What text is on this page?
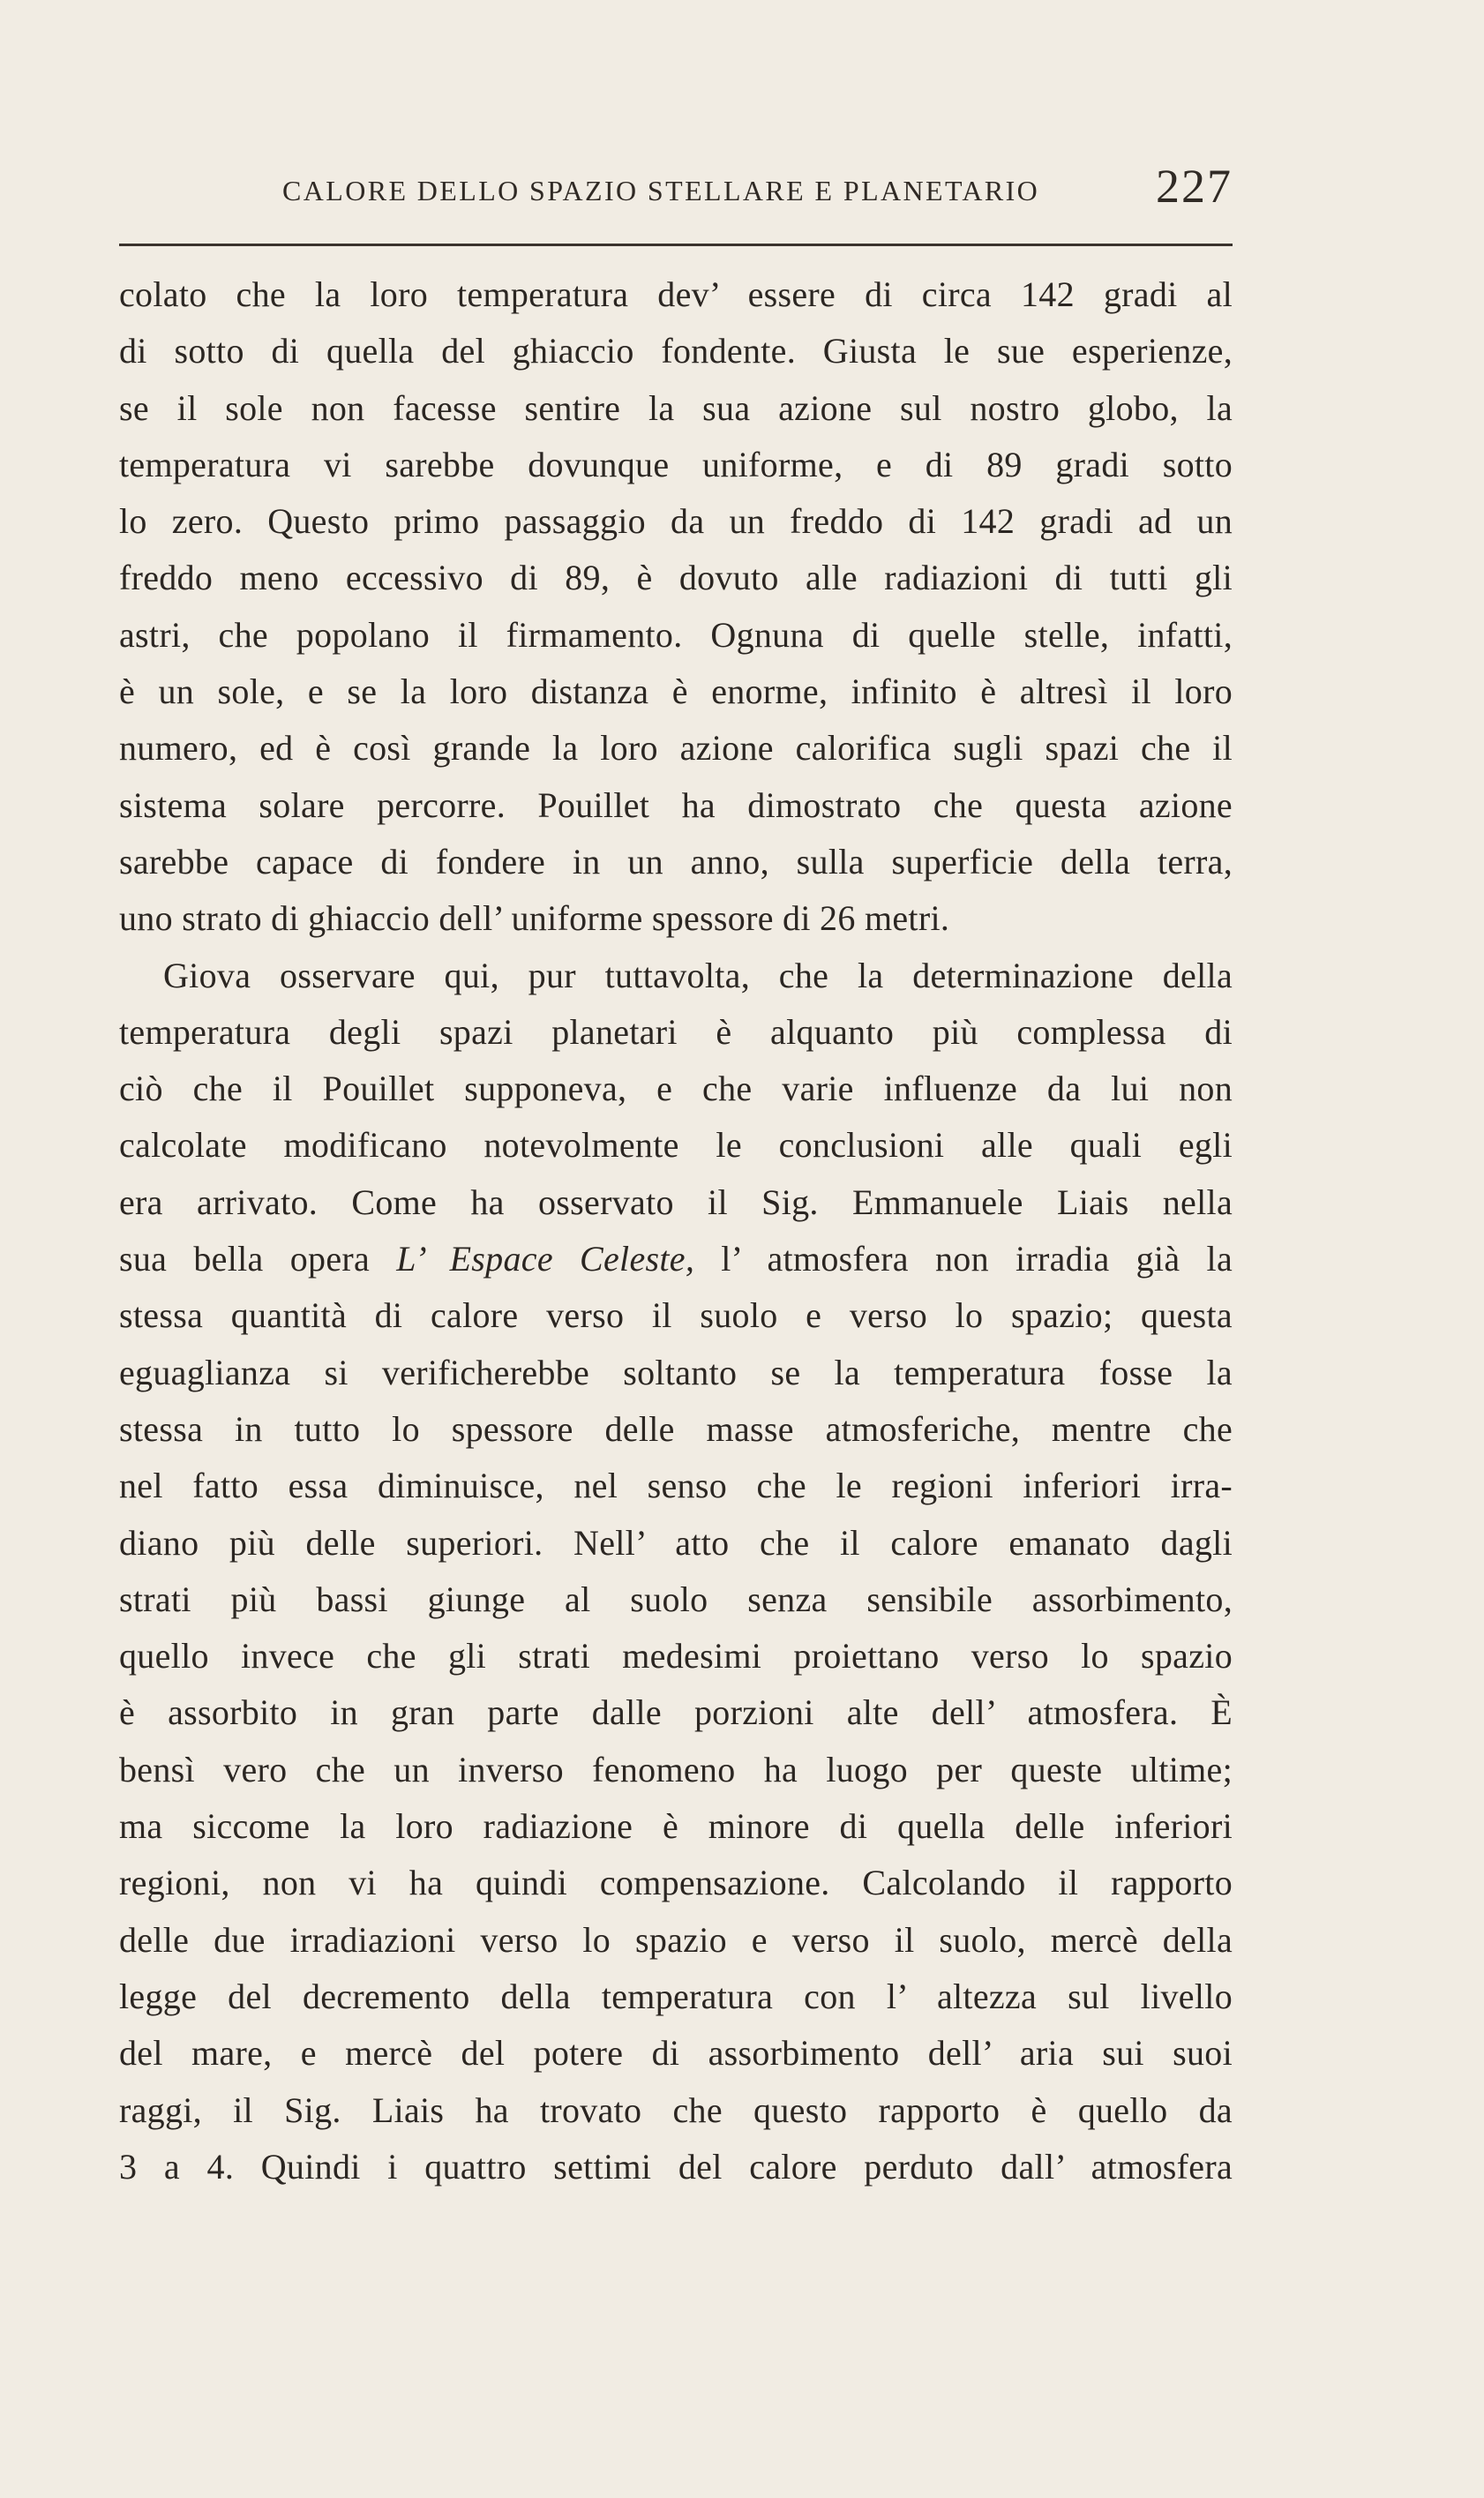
CALORE DELLO SPAZIO STELLARE E PLANETARIO 227
colato che la loro temperatura dev’ essere di circa 142 gradi al
di sotto di quella del ghiaccio fondente. Giusta le sue esperienze,
se il sole non facesse sentire la sua azione sul nostro globo, la
temperatura vi sarebbe dovunque uniforme, e di 89 gradi sotto
lo zero. Questo primo passaggio da un freddo di 142 gradi ad un
freddo meno eccessivo di 89, è dovuto alle radiazioni di tutti gli
astri, che popolano il firmamento. Ognuna di quelle stelle, infatti,
è un sole, e se la loro distanza è enorme, infinito è altresì il loro
numero, ed è così grande la loro azione calorifica sugli spazi che il
sistema solare percorre. Pouillet ha dimostrato che questa azione
sarebbe capace di fondere in un anno, sulla superficie della terra,
uno strato di ghiaccio dell’ uniforme spessore di 26 metri.
Giova osservare qui, pur tuttavolta, che la determinazione della
temperatura degli spazi planetari è alquanto più complessa di
ciò che il Pouillet supponeva, e che varie influenze da lui non
calcolate modificano notevolmente le conclusioni alle quali egli
era arrivato. Come ha osservato il Sig. Emmanuele Liais nella
sua bella opera L’ Espace Celeste, l’ atmosfera non irradia già la
stessa quantità di calore verso il suolo e verso lo spazio; questa
eguaglianza si verificherebbe soltanto se la temperatura fosse la
stessa in tutto lo spessore delle masse atmosferiche, mentre che
nel fatto essa diminuisce, nel senso che le regioni inferiori irra-
diano più delle superiori. Nell’ atto che il calore emanato dagli
strati più bassi giunge al suolo senza sensibile assorbimento,
quello invece che gli strati medesimi proiettano verso lo spazio
è assorbito in gran parte dalle porzioni alte dell’ atmosfera. È
bensì vero che un inverso fenomeno ha luogo per queste ultime;
ma siccome la loro radiazione è minore di quella delle inferiori
regioni, non vi ha quindi compensazione. Calcolando il rapporto
delle due irradiazioni verso lo spazio e verso il suolo, mercè della
legge del decremento della temperatura con l’ altezza sul livello
del mare, e mercè del potere di assorbimento dell’ aria sui suoi
raggi, il Sig. Liais ha trovato che questo rapporto è quello da
3 a 4. Quindi i quattro settimi del calore perduto dall’ atmosfera
